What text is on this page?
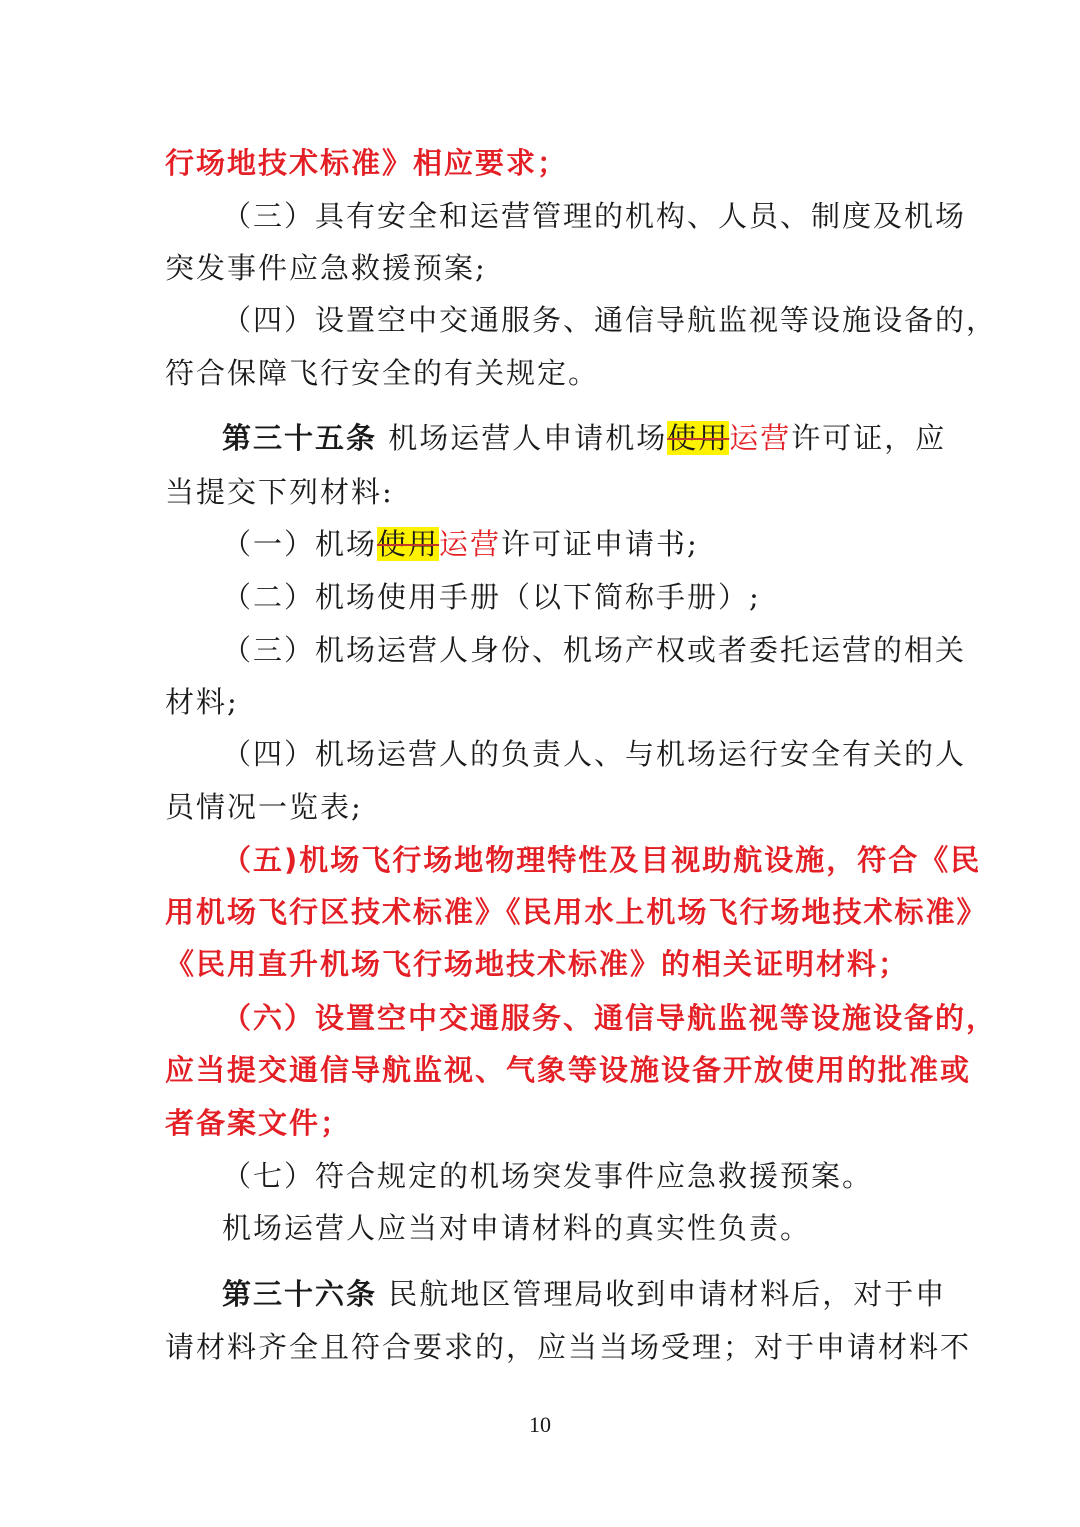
行场地技术标准》相应要求；
（三）具有安全和运营管理的机构、人员、制度及机场
突发事件应急救援预案;
（四）设置空中交通服务、通信导航监视等设施设备的，
符合保障飞行安全的有关规定。
第三十五条 机场运营人申请机场使用运营许可证，应
当提交下列材料:
（一）机场使用运营许可证申请书;
（二）机场使用手册（以下简称手册）;
（三）机场运营人身份、机场产权或者委托运营的相关
材料;
（四）机场运营人的负责人、与机场运行安全有关的人
员情况一览表;
（五)机场飞行场地物理特性及目视助航设施，符合《民
用机场飞行区技术标准》《民用水上机场飞行场地技术标准》
《民用直升机场飞行场地技术标准》的相关证明材料；
（六）设置空中交通服务、通信导航监视等设施设备的，
应当提交通信导航监视、气象等设施设备开放使用的批准或
者备案文件；
（七）符合规定的机场突发事件应急救援预案。
机场运营人应当对申请材料的真实性负责。
第三十六条 民航地区管理局收到申请材料后，对于申
请材料齐全且符合要求的，应当当场受理；对于申请材料不
10
